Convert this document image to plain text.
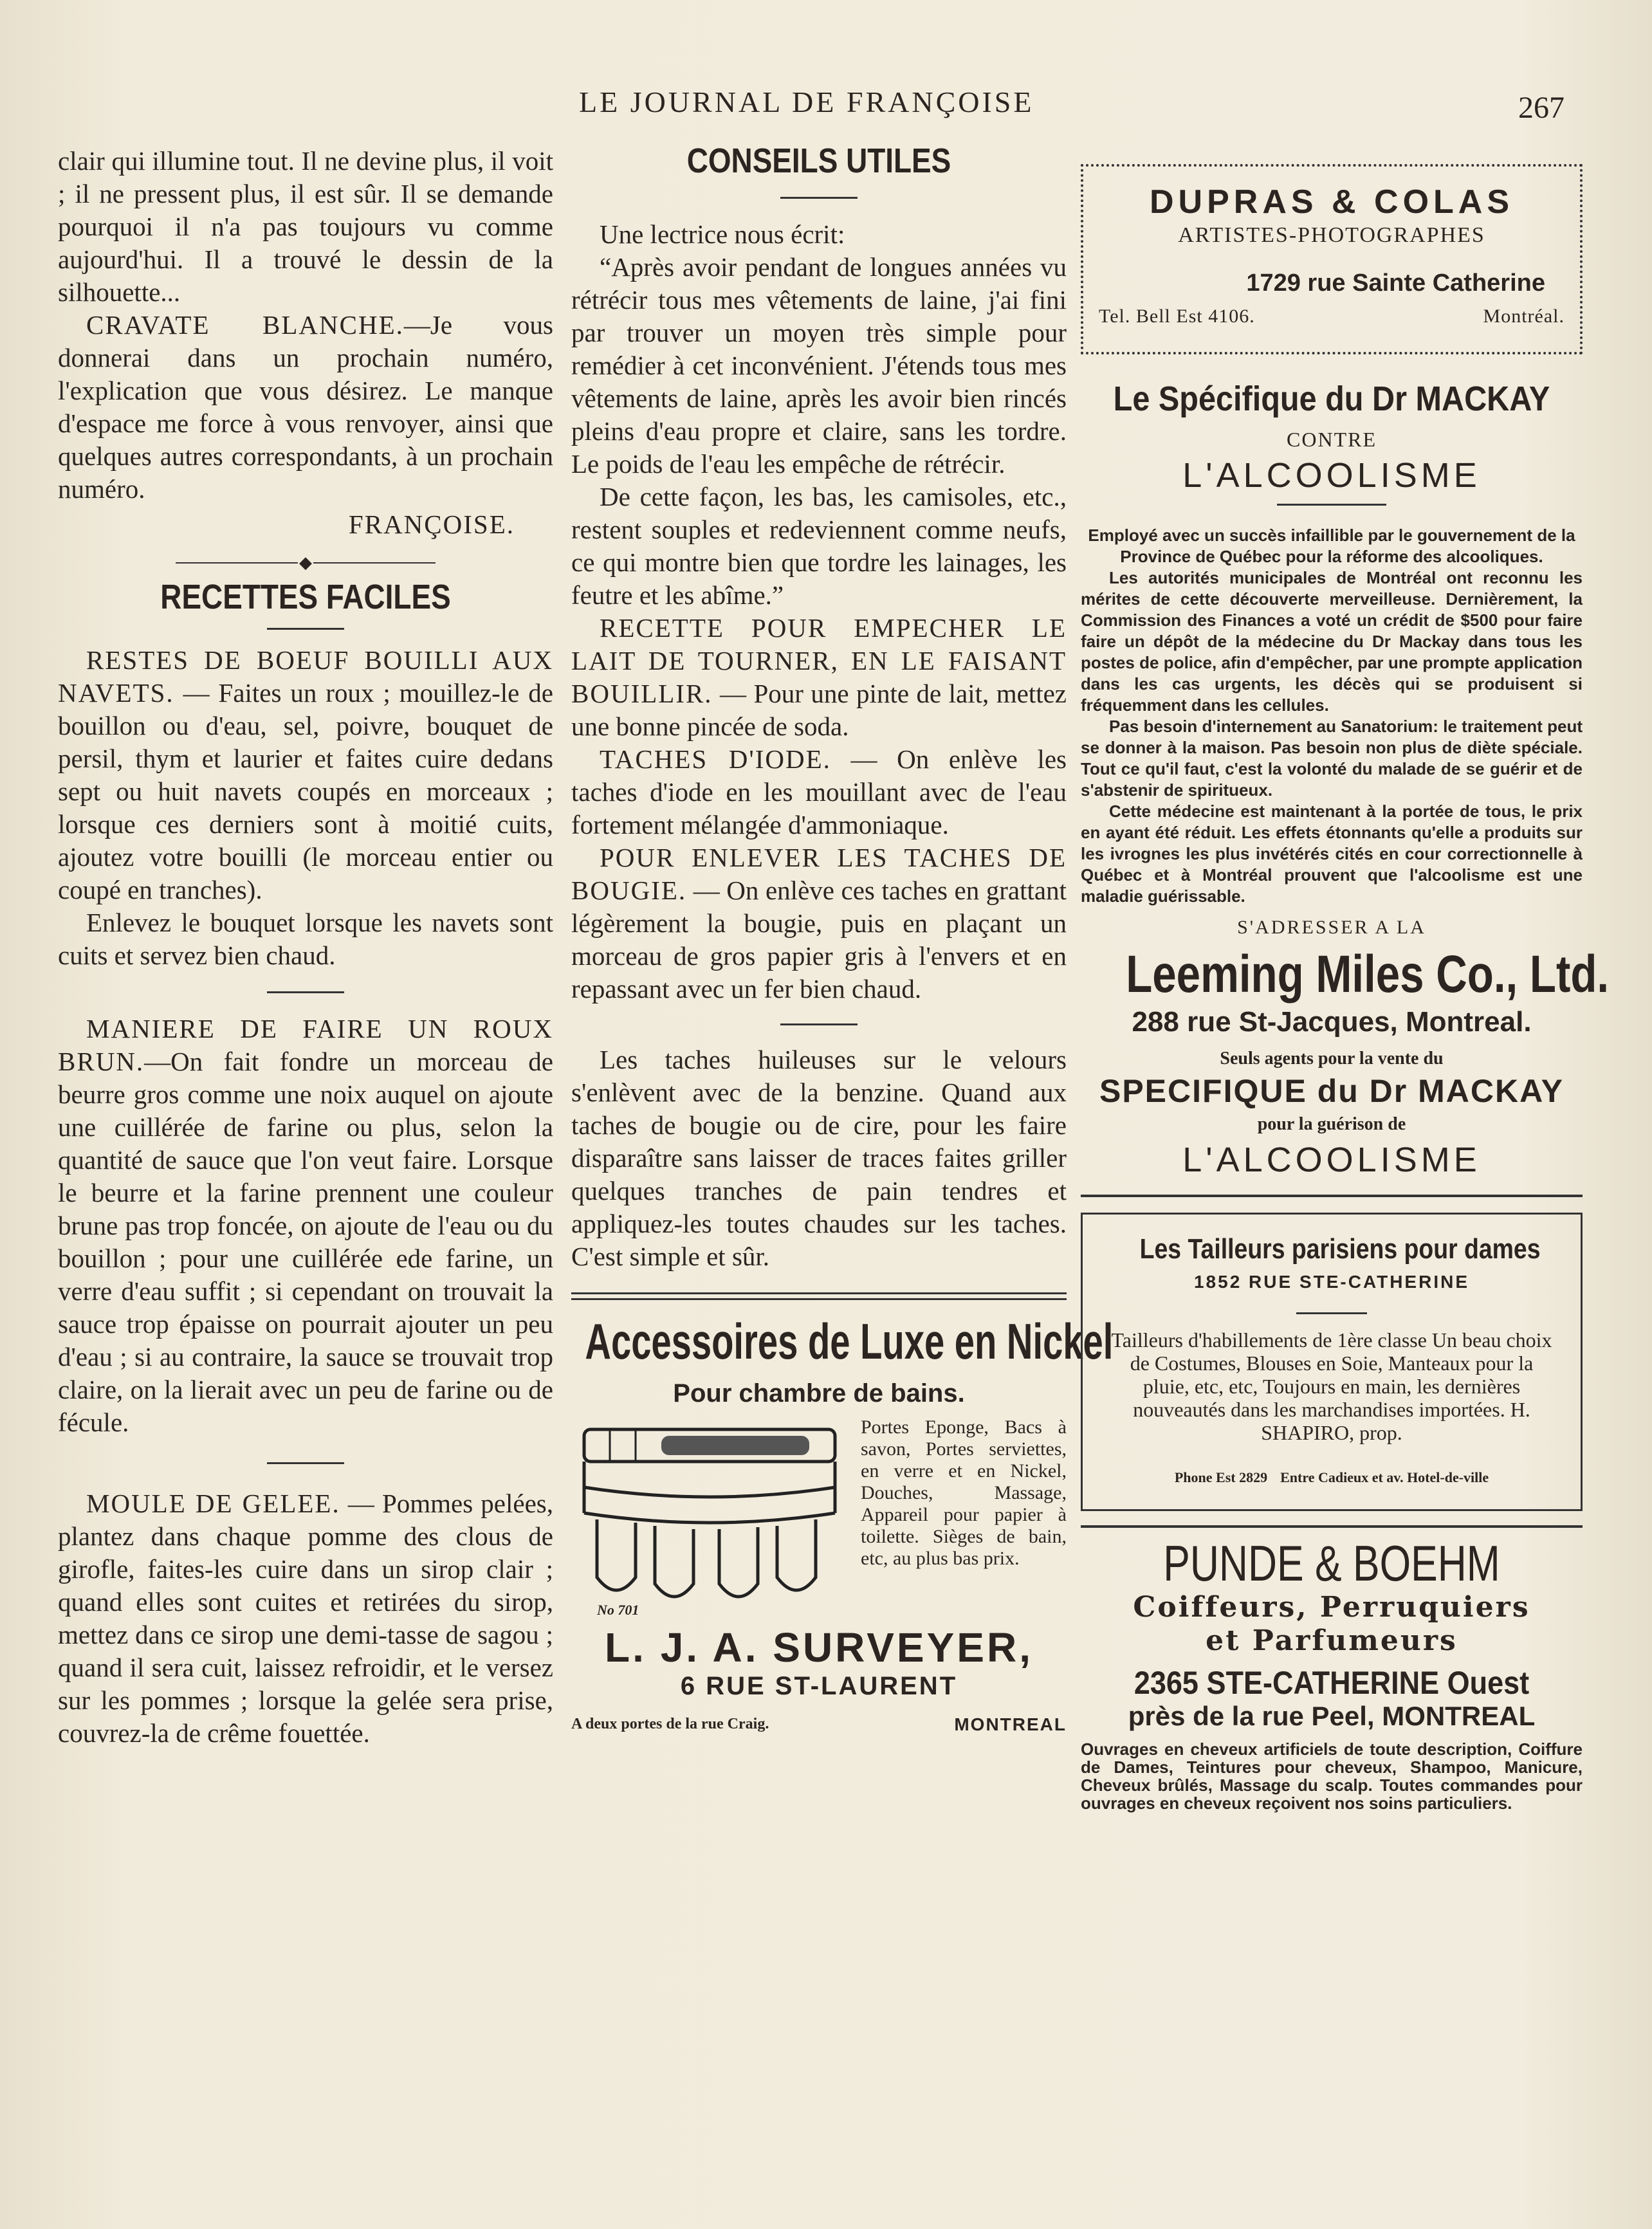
LE JOURNAL DE FRANÇOISE	267

clair qui illumine tout. Il ne devine plus, il voit ; il ne pressent plus, il est sûr. Il se demande pourquoi il n'a pas toujours vu comme aujourd'hui. Il a trouvé le dessin de la silhouette...

CRAVATE BLANCHE.—Je vous donnerai dans un prochain numéro, l'explication que vous désirez. Le manque d'espace me force à vous renvoyer, ainsi que quelques autres correspondants, à un prochain numéro.

FRANÇOISE.

◆
RECETTES FACILES

RESTES DE BOEUF BOUILLI AUX NAVETS. — Faites un roux ; mouillez-le de bouillon ou d'eau, sel, poivre, bouquet de persil, thym et laurier et faites cuire dedans sept ou huit navets coupés en morceaux ; lorsque ces derniers sont à moitié cuits, ajoutez votre bouilli (le morceau entier ou coupé en tranches).

Enlevez le bouquet lorsque les navets sont cuits et servez bien chaud.

MANIERE DE FAIRE UN ROUX BRUN.—On fait fondre un morceau de beurre gros comme une noix auquel on ajoute une cuillérée de farine ou plus, selon la quantité de sauce que l'on veut faire. Lorsque le beurre et la farine prennent une couleur brune pas trop foncée, on ajoute de l'eau ou du bouillon ; pour une cuillérée ede farine, un verre d'eau suffit ; si cependant on trouvait la sauce trop épaisse on pourrait ajouter un peu d'eau ; si au contraire, la sauce se trouvait trop claire, on la lierait avec un peu de farine ou de fécule.

MOULE DE GELEE. — Pommes pelées, plantez dans chaque pomme des clous de girofle, faites-les cuire dans un sirop clair ; quand elles sont cuites et retirées du sirop, mettez dans ce sirop une demi-tasse de sagou ; quand il sera cuit, laissez refroidir, et le versez sur les pommes ; lorsque la gelée sera prise, couvrez-la de crême fouettée.

CONSEILS UTILES

Une lectrice nous écrit:

“Après avoir pendant de longues années vu rétrécir tous mes vêtements de laine, j'ai fini par trouver un moyen très simple pour remédier à cet inconvénient. J'étends tous mes vêtements de laine, après les avoir bien rincés pleins d'eau propre et claire, sans les tordre. Le poids de l'eau les empêche de rétrécir.

De cette façon, les bas, les camisoles, etc., restent souples et redeviennent comme neufs, ce qui montre bien que tordre les lainages, les feutre et les abîme.”

RECETTE POUR EMPECHER LE LAIT DE TOURNER, EN LE FAISANT BOUILLIR. — Pour une pinte de lait, mettez une bonne pincée de soda.

TACHES D'IODE. — On enlève les taches d'iode en les mouillant avec de l'eau fortement mélangée d'ammoniaque.

POUR ENLEVER LES TACHES DE BOUGIE. — On enlève ces taches en grattant légèrement la bougie, puis en plaçant un morceau de gros papier gris à l'envers et en repassant avec un fer bien chaud.

Les taches huileuses sur le velours s'enlèvent avec de la benzine. Quand aux taches de bougie ou de cire, pour les faire disparaître sans laisser de traces faites griller quelques tranches de pain tendres et appliquez-les toutes chaudes sur les taches. C'est simple et sûr.

Accessoires de Luxe en Nickel
Pour chambre de bains.
No 701
Portes Eponge, Bacs à savon, Portes serviettes, en verre et en Nickel, Douches, Massage, Appareil pour papier à toilette. Sièges de bain, etc, au plus bas prix.
L. J. A. SURVEYER,
6 RUE ST-LAURENT
A deux portes de la rue Craig.	MONTREAL
DUPRAS & COLAS
ARTISTES-PHOTOGRAPHES
1729 rue Sainte Catherine
Tel. Bell Est 4106.	Montréal.
Le Spécifique du Dr MACKAY
CONTRE
L'ALCOOLISME

Employé avec un succès infaillible par le gouvernement de la Province de Québec pour la réforme des alcooliques.

Les autorités municipales de Montréal ont reconnu les mérites de cette découverte merveilleuse. Dernièrement, la Commission des Finances a voté un crédit de $500 pour faire faire un dépôt de la médecine du Dr Mackay dans tous les postes de police, afin d'empêcher, par une prompte application dans les cas urgents, les décès qui se produisent si fréquemment dans les cellules.

Pas besoin d'internement au Sanatorium: le traitement peut se donner à la maison. Pas besoin non plus de diète spéciale. Tout ce qu'il faut, c'est la volonté du malade de se guérir et de s'abstenir de spiritueux.

Cette médecine est maintenant à la portée de tous, le prix en ayant été réduit. Les effets étonnants qu'elle a produits sur les ivrognes les plus invétérés cités en cour correctionnelle à Québec et à Montréal prouvent que l'alcoolisme est une maladie guérissable.

S'ADRESSER A LA
Leeming Miles Co., Ltd.
288 rue St-Jacques, Montreal.
Seuls agents pour la vente du
SPECIFIQUE du Dr MACKAY
pour la guérison de
L'ALCOOLISME
Les Tailleurs parisiens pour dames
1852 RUE STE-CATHERINE
Tailleurs d'habillements de 1ère classe Un beau choix de Costumes, Blouses en Soie, Manteaux pour la pluie, etc, etc, Toujours en main, les dernières nouveautés dans les marchandises importées. H. SHAPIRO, prop.
Phone Est 2829 Entre Cadieux et av. Hotel-de-ville
PUNDE & BOEHM
Coiffeurs, Perruquiers
et Parfumeurs
2365 STE-CATHERINE Ouest
près de la rue Peel, MONTREAL
Ouvrages en cheveux artificiels de toute description, Coiffure de Dames, Teintures pour cheveux, Shampoo, Manicure, Cheveux brûlés, Massage du scalp. Toutes commandes pour ouvrages en cheveux reçoivent nos soins particuliers.
